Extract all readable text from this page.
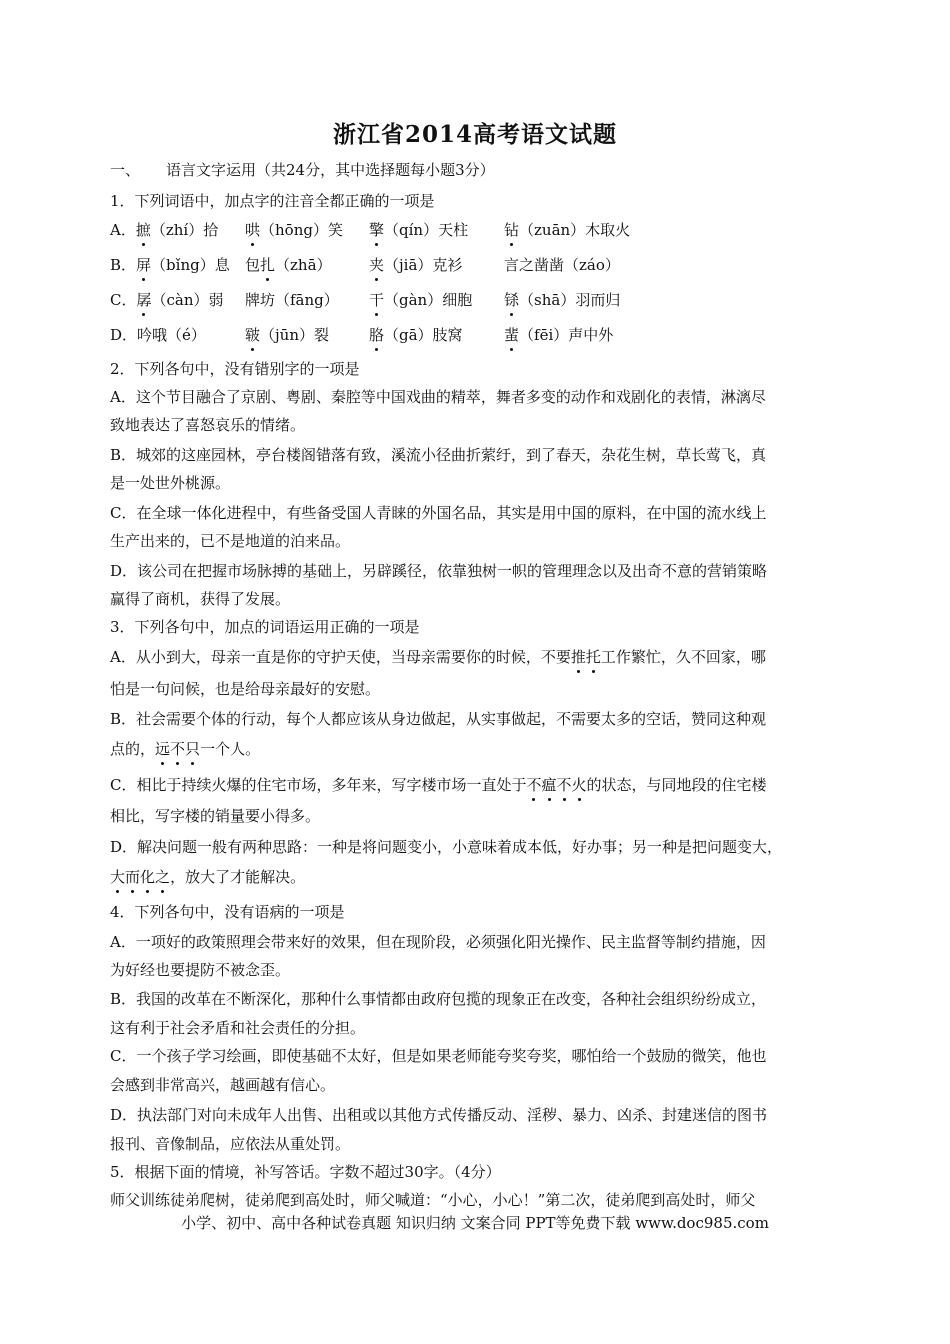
浙江省2014高考语文试题
一、 语言文字运用（共24分，其中选择题每小题3分）
1．下列词语中，加点字的注音全都正确的一项是
A．摭（zhí）拾 哄（hōng）笑 擎（qín）天柱 钻（zuān）木取火
B．屏（bǐng）息 包扎（zhā） 夹（jiā）克衫	言之凿凿（záo）
C．孱（càn）弱 牌坊（fāng） 干（gàn）细胞 铩（shā）羽而归
D．吟哦（é）	皲（jūn）裂	胳（gā）肢窝	蜚（fēi）声中外
2．下列各句中，没有错别字的一项是
A．这个节目融合了京剧、粤剧、秦腔等中国戏曲的精萃，舞者多变的动作和戏剧化的表情，淋漓尽
致地表达了喜怒哀乐的情绪。
B．城郊的这座园林，亭台楼阁错落有致，溪流小径曲折萦纡，到了春天，杂花生树，草长莺飞，真
是一处世外桃源。
C．在全球一体化进程中，有些备受国人青睐的外国名品，其实是用中国的原料，在中国的流水线上
生产出来的，已不是地道的泊来品。
D．该公司在把握市场脉搏的基础上，另辟蹊径，依靠独树一帜的管理理念以及出奇不意的营销策略
赢得了商机，获得了发展。
3．下列各句中，加点的词语运用正确的一项是
A．从小到大，母亲一直是你的守护天使，当母亲需要你的时候，不要推托工作繁忙，久不回家，哪
怕是一句问候，也是给母亲最好的安慰。
B．社会需要个体的行动，每个人都应该从身边做起，从实事做起，不需要太多的空话，赞同这种观
点的，远不只一个人。
C．相比于持续火爆的住宅市场，多年来，写字楼市场一直处于不瘟不火的状态，与同地段的住宅楼
相比，写字楼的销量要小得多。
D．解决问题一般有两种思路：一种是将问题变小，小意味着成本低，好办事；另一种是把问题变大，
大而化之，放大了才能解决。
4．下列各句中，没有语病的一项是
A．一项好的政策照理会带来好的效果，但在现阶段，必须强化阳光操作、民主监督等制约措施，因
为好经也要提防不被念歪。
B．我国的改革在不断深化，那种什么事情都由政府包揽的现象正在改变，各种社会组织纷纷成立，
这有利于社会矛盾和社会责任的分担。
C．一个孩子学习绘画，即使基础不太好，但是如果老师能夸奖夸奖，哪怕给一个鼓励的微笑，他也
会感到非常高兴，越画越有信心。
D．执法部门对向未成年人出售、出租或以其他方式传播反动、淫秽、暴力、凶杀、封建迷信的图书
报刊、音像制品，应依法从重处罚。
5．根据下面的情境，补写答话。字数不超过30字。（4分）
师父训练徒弟爬树，徒弟爬到高处时，师父喊道：“小心，小心！”第二次，徒弟爬到高处时，师父
小学、初中、高中各种试卷真题 知识归纳 文案合同 PPT等免费下载 www.doc985.com
